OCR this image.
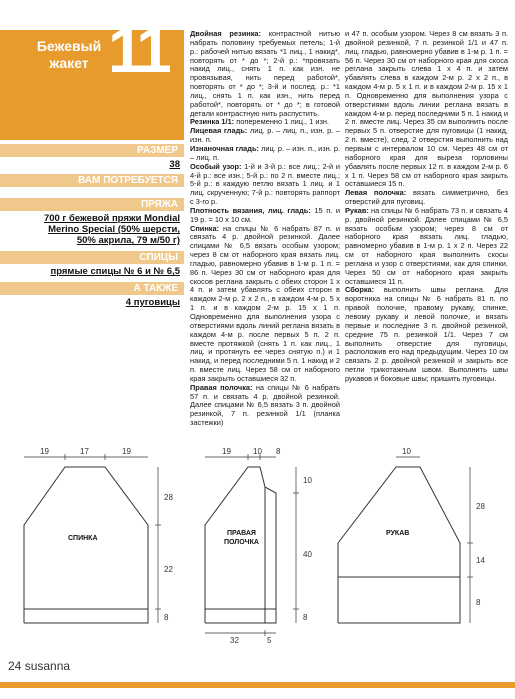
Бежевый
жакет 11
РАЗМЕР
38
ВАМ ПОТРЕБУЕТСЯ
ПРЯЖА
700 г бежевой пряжи Mondial
Merino Special (50% шерсти,
50% акрила, 79 м/50 г)
СПИЦЫ
прямые спицы № 6 и № 6,5
А ТАКЖЕ
4 пуговицы

Двойная резинка: контрастной нитью набрать половину требуемых петель; 1-й р.: рабочей нитью вязать *1 лиц., 1 накид*, повторять от * до *; 2-й р.: *провязать накид лиц., снять 1 п. как изн. не провязывая, нить перед работой*, повторять от * до *; 3-й и послед. р.: *1 лиц., снять 1 п. как изн., нить перед работой*, повторять от * до *; в готовой детали контрастную нить распустить.

Резинка 1/1: попеременно 1 лиц., 1 изн.

Лицевая гладь: лиц. р. – лиц. п., изн. р. – изн. п.

Изнаночная гладь: лиц. р. – изн. п., изн. р. – лиц. п.

Особый узор: 1-й и 3-й р.: все лиц.; 2-й и 4-й р.: все изн.; 5-й р.: по 2 п. вместе лиц.; 5-й р.: в каждую петлю вязать 1 лиц. и 1 лиц. скрученную; 7-й р.: повторять раппорт с 3-го р.

Плотность вязания, лиц. гладь: 15 п. и 19 р. = 10 х 10 см.

Спинка: на спицы № 6 набрать 87 п. и связать 4 р. двойной резинкой. Далее спицами № 6,5 вязать особым узором; через 8 см от наборного края вязать лиц. гладью, равномерно убавив в 1-м р. 1 п. = 86 п. Через 30 см от наборного края для скосов реглана закрыть с обеих сторон 1 х 4 п. и затем убавлять с обеих сторон в каждом 2-м р. 2 х 2 п., в каждом 4-м р. 5 х 1 п. и в каждом 2-м р. 15 х 1 п. Одновременно для выполнения узора с отверстиями вдоль линий реглана вязать в каждом 4-м р. после первых 5 п. 2 п. вместе протяжкой (снять 1 п. как лиц., 1 лиц. и протянуть ее через снятую п.) и 1 накид, и перед последними 5 п. 1 накид и 2 п. вместе лиц. Через 58 см от наборного края закрыть оставшиеся 32 п.

Правая полочка: на спицы № 6 набрать 57 п. и связать 4 р. двойной резинкой. Далее спицами № 6,5 вязать 3 п. двойной резинкой, 7 п. резинкой 1/1 (планка застежки)

и 47 п. особым узором. Через 8 см вязать 3 п. двойной резинкой, 7 п. резинкой 1/1 и 47 п. лиц. гладью, равномерно убавив в 1-м р. 1 п. = 56 п. Через 30 см от наборного края для скоса реглана закрыть слева 1 х 4 п. и затем убавлять слева в каждом 2-м р. 2 х 2 п., в каждом 4-м р. 5 х 1 п. и в каждом 2-м р. 15 х 1 п. Одновременно для выполнения узора с отверстиями вдоль линии реглана вязать в каждом 4-м р. перед последними 5 п. 1 накид и 2 п. вместе лиц. Через 35 см выполнить после первых 5 п. отверстие для пуговицы (1 накид, 2 п. вместе), след. 2 отверстия выполнить над первым с интервалом 10 см. Через 48 см от наборного края для выреза горловины убавлять после первых 12 п. в каждом 2-м р. 6 х 1 п. Через 58 см от наборного края закрыть оставшиеся 15 п.

Левая полочка: вязать симметрично, без отверстий для пуговиц.

Рукав: на спицы № 6 набрать 73 п. и связать 4 р. двойной резинкой. Далее спицами № 6,5 вязать особым узором; через 8 см от наборного края вязать лиц. гладью, равномерно убавив в 1-м р. 1 х 2 п. Через 22 см от наборного края выполнить скосы реглана и узор с отверстиями, как для спинки. Через 50 см от наборного края закрыть оставшиеся 11 п.

Сборка: выполнить швы реглана. Для воротника на спицы № 6 набрать 81 п. по правой полочке, правому рукаву, спинке, левому рукаву и левой полочке, и вязать первые и последние 3 п. двойной резинкой, средние 75 п. резинкой 1/1. Через 7 см выполнить отверстие для пуговицы, расположив его над предыдущим. Через 10 см связать 2 р. двойной резинкой и закрыть все петли трикотажным швом. Выполнить швы рукавов и боковые швы; пришить пуговицы.

19	17	19
28
22
8
СПИНКА
19	10 8
10
40
8
32	5
ПРАВАЯ
ПОЛОЧКА
10
28
14
8
РУКАВ
24 susanna
